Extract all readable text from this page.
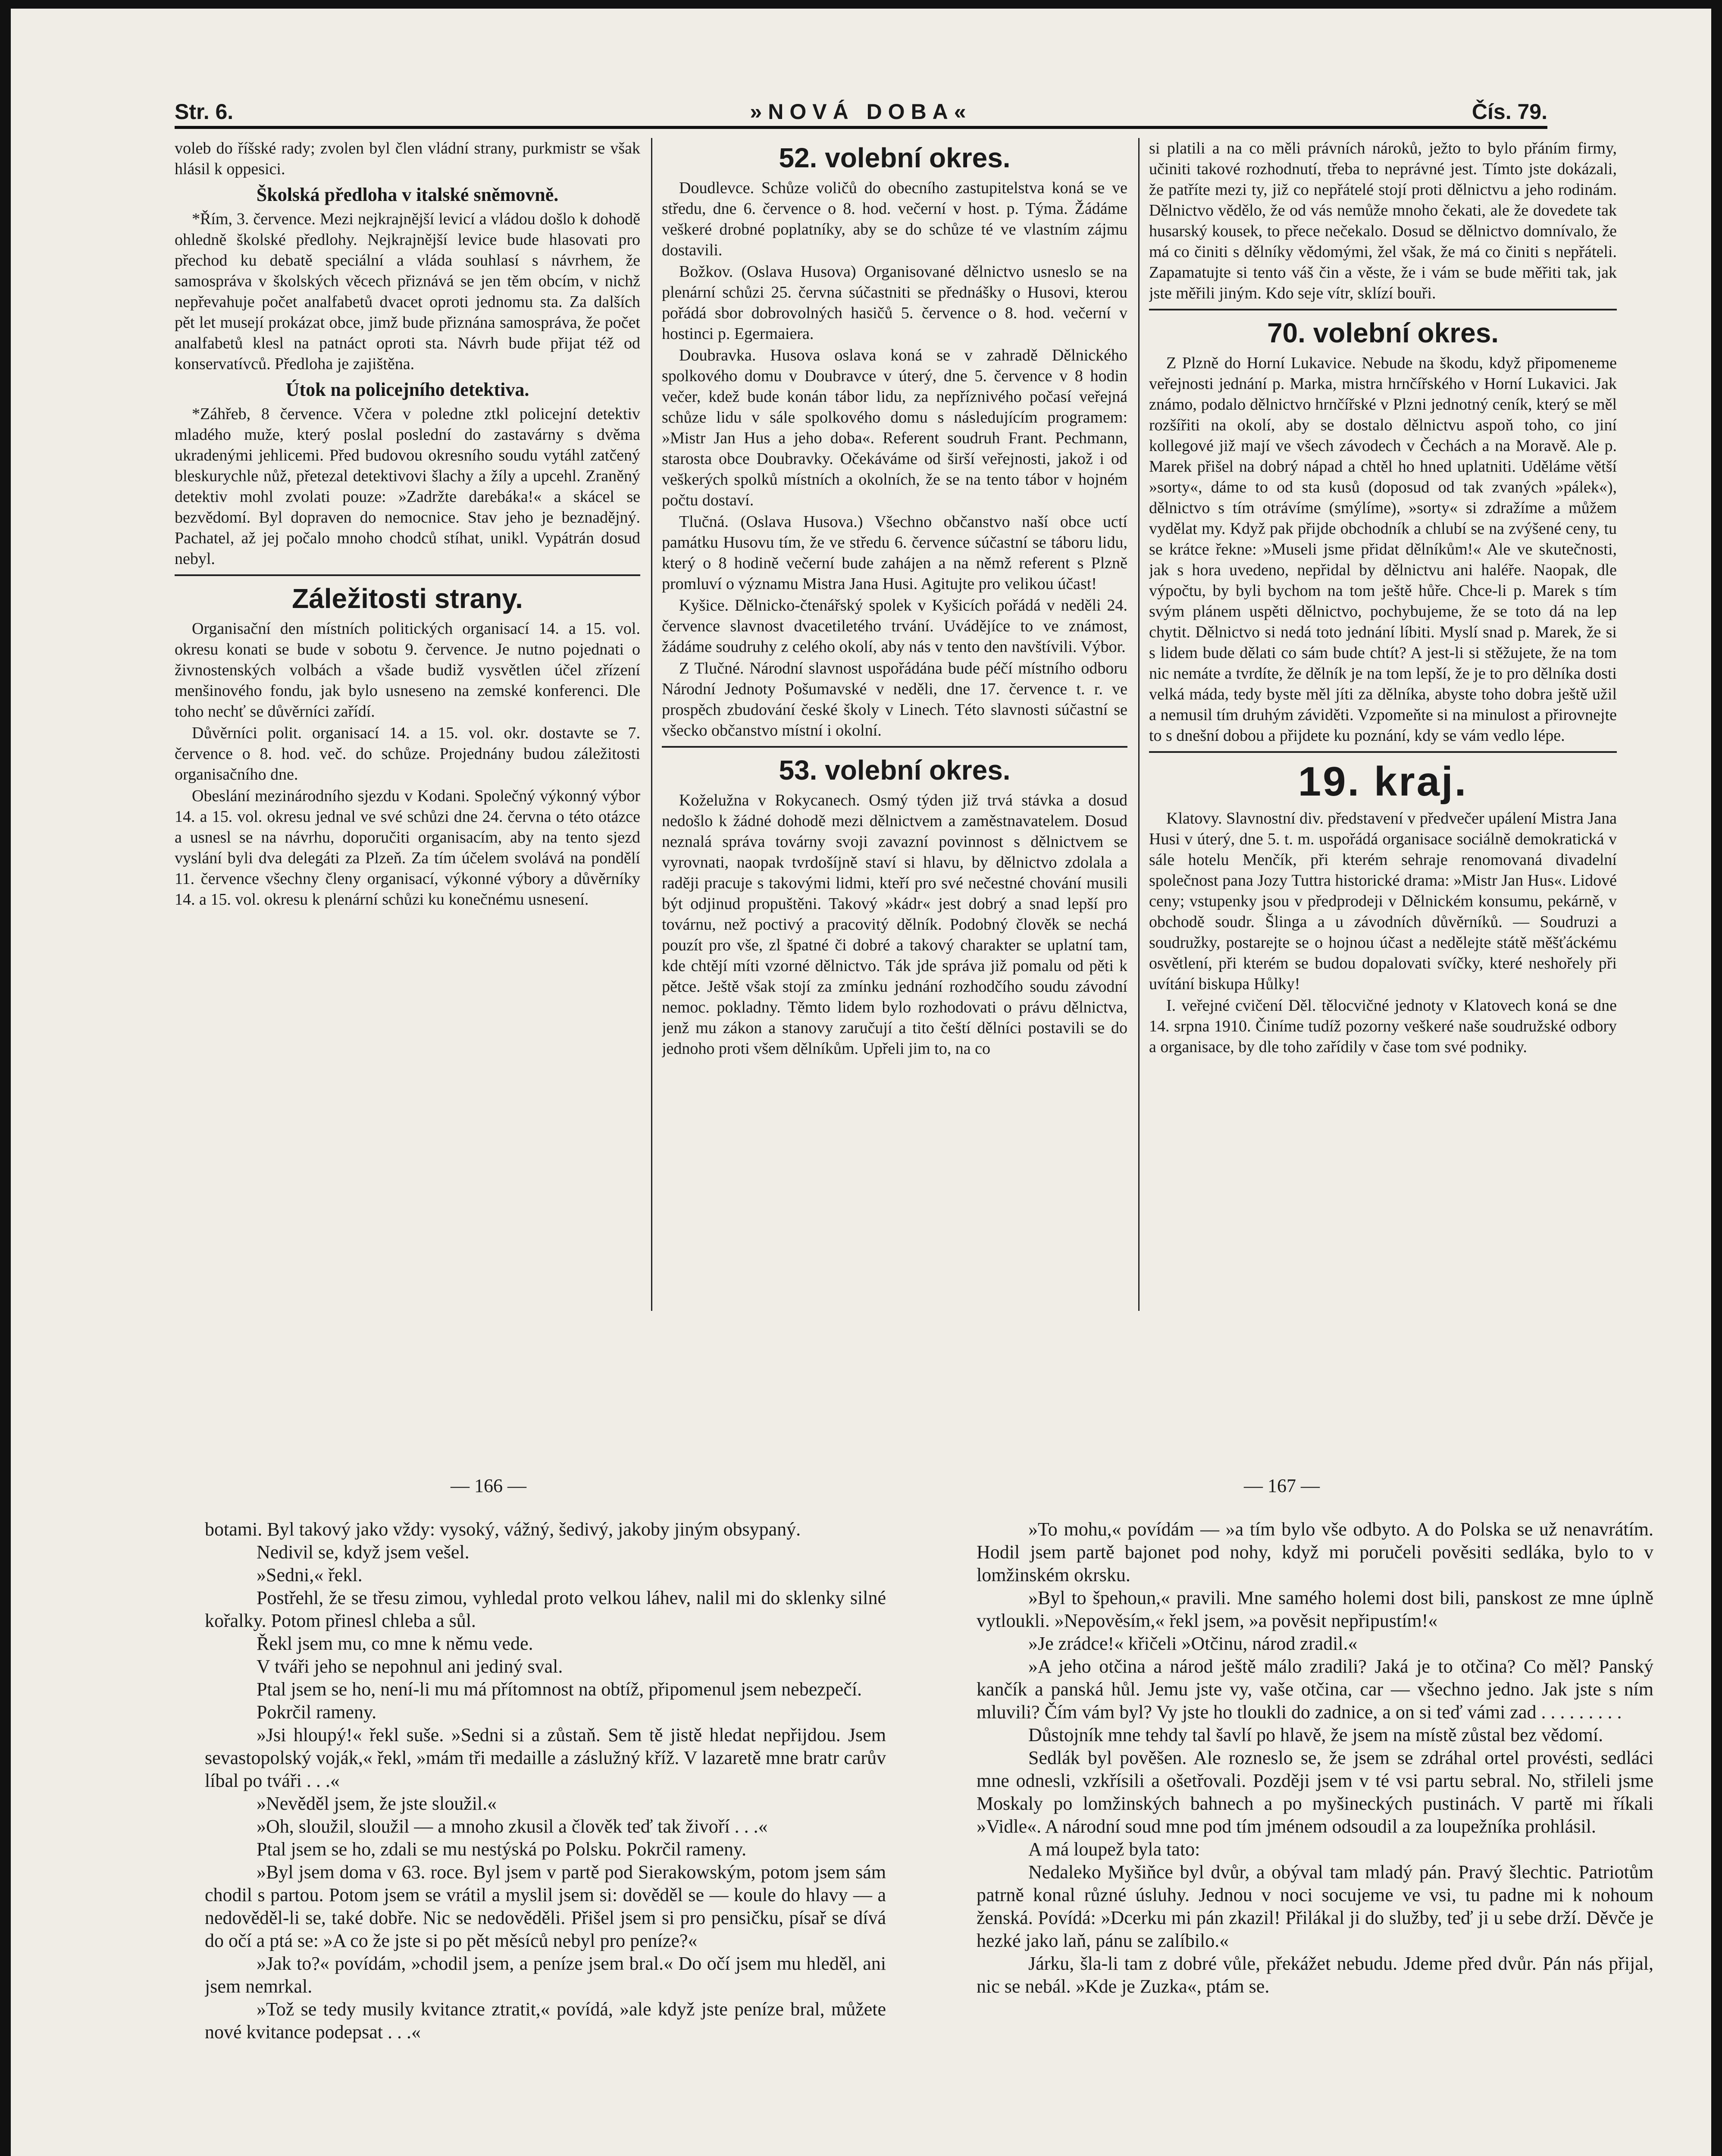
Str. 6.	»NOVÁ DOBA«	Čís. 79.

voleb do říšské rady; zvolen byl člen vládní strany, purkmistr se však hlásil k oppesici.

Školská předloha v italské sněmovně.

*Řím, 3. července. Mezi nejkrajnější levicí a vládou došlo k dohodě ohledně školské předlohy. Nejkrajnější levice bude hlasovati pro přechod ku debatě speciální a vláda souhlasí s návrhem, že samospráva v školských věcech přiznává se jen těm obcím, v nichž nepřevahuje počet analfabetů dvacet oproti jednomu sta. Za dalších pět let musejí prokázat obce, jimž bude přiznána samospráva, že počet analfabetů klesl na patnáct oproti sta. Návrh bude přijat též od konservatívců. Předloha je zajištěna.

Útok na policejního detektiva.

*Záhřeb, 8 července. Včera v poledne ztkl policejní detektiv mladého muže, který poslal poslední do zastavárny s dvěma ukradenými jehlicemi. Před budovou okresního soudu vytáhl zatčený bleskurychle nůž, přetezal detektivovi šlachy a žíly a upcehl. Zraněný detektiv mohl zvolati pouze: »Zadržte darebáka!« a skácel se bezvědomí. Byl dopraven do nemocnice. Stav jeho je beznadějný. Pachatel, až jej počalo mnoho chodců stíhat, unikl. Vypátrán dosud nebyl.

Záležitosti strany.

Organisační den místních politických organisací 14. a 15. vol. okresu konati se bude v sobotu 9. července. Je nutno pojednati o živnostenských volbách a všade budiž vysvětlen účel zřízení menšinového fondu, jak bylo usneseno na zemské konferenci. Dle toho nechť se důvěrníci zařídí.

Důvěrníci polit. organisací 14. a 15. vol. okr. dostavte se 7. července o 8. hod. več. do schůze. Projednány budou záležitosti organisačního dne.

Obeslání mezinárodního sjezdu v Kodani. Společný výkonný výbor 14. a 15. vol. okresu jednal ve své schůzi dne 24. června o této otázce a usnesl se na návrhu, doporučiti organisacím, aby na tento sjezd vyslání byli dva delegáti za Plzeň. Za tím účelem svolává na pondělí 11. července všechny členy organisací, výkonné výbory a důvěrníky 14. a 15. vol. okresu k plenární schůzi ku konečnému usnesení.

52. volební okres.

Doudlevce. Schůze voličů do obecního zastupitelstva koná se ve středu, dne 6. července o 8. hod. večerní v host. p. Týma. Žádáme veškeré drobné poplatníky, aby se do schůze té ve vlastním zájmu dostavili.

Božkov. (Oslava Husova) Organisované dělnictvo usneslo se na plenární schůzi 25. června súčastniti se přednášky o Husovi, kterou pořádá sbor dobrovolných hasičů 5. července o 8. hod. večerní v hostinci p. Egermaiera.

Doubravka. Husova oslava koná se v zahradě Dělnického spolkového domu v Doubravce v úterý, dne 5. července v 8 hodin večer, kdež bude konán tábor lidu, za nepříznivého počasí veřejná schůze lidu v sále spolkového domu s následujícím programem: »Mistr Jan Hus a jeho doba«. Referent soudruh Frant. Pechmann, starosta obce Doubravky. Očekáváme od širší veřejnosti, jakož i od veškerých spolků místních a okolních, že se na tento tábor v hojném počtu dostaví.

Tlučná. (Oslava Husova.) Všechno občanstvo naší obce uctí památku Husovu tím, že ve středu 6. července súčastní se táboru lidu, který o 8 hodině večerní bude zahájen a na němž referent s Plzně promluví o významu Mistra Jana Husi. Agitujte pro velikou účast!

Kyšice. Dělnicko-čtenářský spolek v Kyšicích pořádá v neděli 24. července slavnost dvacetiletého trvání. Uvádějíce to ve známost, žádáme soudruhy z celého okolí, aby nás v tento den navštívili. Výbor.

Z Tlučné. Národní slavnost uspořádána bude péčí místního odboru Národní Jednoty Pošumavské v neděli, dne 17. července t. r. ve prospěch zbudování české školy v Linech. Této slavnosti súčastní se všecko občanstvo místní i okolní.

53. volební okres.

Koželužna v Rokycanech. Osmý týden již trvá stávka a dosud nedošlo k žádné dohodě mezi dělnictvem a zaměstnavatelem. Dosud neznalá správa továrny svoji zavazní povinnost s dělnictvem se vyrovnati, naopak tvrdošíjně staví si hlavu, by dělnictvo zdolala a raději pracuje s takovými lidmi, kteří pro své nečestné chování musili být odjinud propuštěni. Takový »kádr« jest dobrý a snad lepší pro továrnu, než poctivý a pracovitý dělník. Podobný člověk se nechá pouzít pro vše, zl špatné či dobré a takový charakter se uplatní tam, kde chtějí míti vzorné dělnictvo. Ták jde správa již pomalu od pěti k pětce. Ještě však stojí za zmínku jednání rozhodčího soudu závodní nemoc. pokladny. Těmto lidem bylo rozhodovati o právu dělnictva, jenž mu zákon a stanovy zaručují a tito čeští dělníci postavili se do jednoho proti všem dělníkům. Upřeli jim to, na co

si platili a na co měli právních nároků, ježto to bylo přáním firmy, učiniti takové rozhodnutí, třeba to neprávné jest. Tímto jste dokázali, že patříte mezi ty, již co nepřátelé stojí proti dělnictvu a jeho rodinám. Dělnictvo vědělo, že od vás nemůže mnoho čekati, ale že dovedete tak husarský kousek, to přece nečekalo. Dosud se dělnictvo domnívalo, že má co činiti s dělníky vědomými, žel však, že má co činiti s nepřáteli. Zapamatujte si tento váš čin a věste, že i vám se bude měřiti tak, jak jste měřili jiným. Kdo seje vítr, sklízí bouři.

70. volební okres.

Z Plzně do Horní Lukavice. Nebude na škodu, když připomeneme veřejnosti jednání p. Marka, mistra hrnčířského v Horní Lukavici. Jak známo, podalo dělnictvo hrnčířské v Plzni jednotný ceník, který se měl rozšířiti na okolí, aby se dostalo dělnictvu aspoň toho, co jiní kollegové již mají ve všech závodech v Čechách a na Moravě. Ale p. Marek přišel na dobrý nápad a chtěl ho hned uplatniti. Uděláme větší »sorty«, dáme to od sta kusů (doposud od tak zvaných »pálek«), dělnictvo s tím otrávíme (smýlíme), »sorty« si zdražíme a můžem vydělat my. Když pak přijde obchodník a chlubí se na zvýšené ceny, tu se krátce řekne: »Museli jsme přidat dělníkům!« Ale ve skutečnosti, jak s hora uvedeno, nepřidal by dělnictvu ani haléře. Naopak, dle výpočtu, by byli bychom na tom ještě hůře. Chce-li p. Marek s tím svým plánem uspěti dělnictvo, pochybujeme, že se toto dá na lep chytit. Dělnictvo si nedá toto jednání líbiti. Myslí snad p. Marek, že si s lidem bude dělati co sám bude chtít? A jest-li si stěžujete, že na tom nic nemáte a tvrdíte, že dělník je na tom lepší, že je to pro dělníka dosti velká máda, tedy byste měl jíti za dělníka, abyste toho dobra ještě užil a nemusil tím druhým záviděti. Vzpomeňte si na minulost a přirovnejte to s dnešní dobou a přijdete ku poznání, kdy se vám vedlo lépe.

19. kraj.

Klatovy. Slavnostní div. představení v předvečer upálení Mistra Jana Husi v úterý, dne 5. t. m. uspořádá organisace sociálně demokratická v sále hotelu Menčík, při kterém sehraje renomovaná divadelní společnost pana Jozy Tuttra historické drama: »Mistr Jan Hus«. Lidové ceny; vstupenky jsou v předprodeji v Dělnickém konsumu, pekárně, v obchodě soudr. Šlinga a u závodních důvěrníků. — Soudruzi a soudružky, postarejte se o hojnou účast a nedělejte státě měšťáckému osvětlení, při kterém se budou dopalovati svíčky, které neshořely při uvítání biskupa Hůlky!

I. veřejné cvičení Děl. tělocvičné jednoty v Klatovech koná se dne 14. srpna 1910. Činíme tudíž pozorny veškeré naše soudružské odbory a organisace, by dle toho zařídily v čase tom své podniky.

— 166 —	— 167 —

botami. Byl takový jako vždy: vysoký, vážný, šedivý, jakoby jiným obsypaný.

Nedivil se, když jsem vešel.

»Sedni,« řekl.

Postřehl, že se třesu zimou, vyhledal proto velkou láhev, nalil mi do sklenky silné kořalky. Potom přinesl chleba a sůl.

Řekl jsem mu, co mne k němu vede.

V tváři jeho se nepohnul ani jediný sval.

Ptal jsem se ho, není-li mu má přítomnost na obtíž, připomenul jsem nebezpečí.

Pokrčil rameny.

»Jsi hloupý!« řekl suše. »Sedni si a zůstaň. Sem tě jistě hledat nepřijdou. Jsem sevastopolský voják,« řekl, »mám tři medaille a záslužný kříž. V lazaretě mne bratr carův líbal po tváři . . .«

»Nevěděl jsem, že jste sloužil.«

»Oh, sloužil, sloužil — a mnoho zkusil a člověk teď tak živoří . . .«

Ptal jsem se ho, zdali se mu nestýská po Polsku. Pokrčil rameny.

»Byl jsem doma v 63. roce. Byl jsem v partě pod Sierakowským, potom jsem sám chodil s partou. Potom jsem se vrátil a myslil jsem si: dověděl se — koule do hlavy — a nedověděl-li se, také dobře. Nic se nedověděli. Přišel jsem si pro pensičku, písař se dívá do očí a ptá se: »A co že jste si po pět měsíců nebyl pro peníze?«

»Jak to?« povídám, »chodil jsem, a peníze jsem bral.« Do očí jsem mu hleděl, ani jsem nemrkal.

»Tož se tedy musily kvitance ztratit,« povídá, »ale když jste peníze bral, můžete nové kvitance podepsat . . .«

»To mohu,« povídám — »a tím bylo vše odbyto. A do Polska se už nenavrátím. Hodil jsem partě bajonet pod nohy, když mi poručeli pověsiti sedláka, bylo to v lomžinském okrsku.

»Byl to špehoun,« pravili. Mne samého holemi dost bili, panskost ze mne úplně vytloukli. »Nepověsím,« řekl jsem, »a pověsit nepřipustím!«

»Je zrádce!« křičeli »Otčinu, národ zradil.«

»A jeho otčina a národ ještě málo zradili? Jaká je to otčina? Co měl? Panský kančík a panská hůl. Jemu jste vy, vaše otčina, car — všechno jedno. Jak jste s ním mluvili? Čím vám byl? Vy jste ho tloukli do zadnice, a on si teď vámi zad . . . . . . . . .

Důstojník mne tehdy tal šavlí po hlavě, že jsem na místě zůstal bez vědomí.

Sedlák byl pověšen. Ale rozneslo se, že jsem se zdráhal ortel provésti, sedláci mne odnesli, vzkřísili a ošetřovali. Později jsem v té vsi partu sebral. No, střileli jsme Moskaly po lomžinských bahnech a po myšineckých pustinách. V partě mi říkali »Vidle«. A národní soud mne pod tím jménem odsoudil a za loupežníka prohlásil.

A má loupež byla tato:

Nedaleko Myšiňce byl dvůr, a obýval tam mladý pán. Pravý šlechtic. Patriotům patrně konal různé úsluhy. Jednou v noci socujeme ve vsi, tu padne mi k nohoum ženská. Povídá: »Dcerku mi pán zkazil! Přilákal ji do služby, teď ji u sebe drží. Děvče je hezké jako laň, pánu se zalíbilo.«

Járku, šla-li tam z dobré vůle, překážet nebudu. Jdeme před dvůr. Pán nás přijal, nic se nebál. »Kde je Zuzka«, ptám se.
